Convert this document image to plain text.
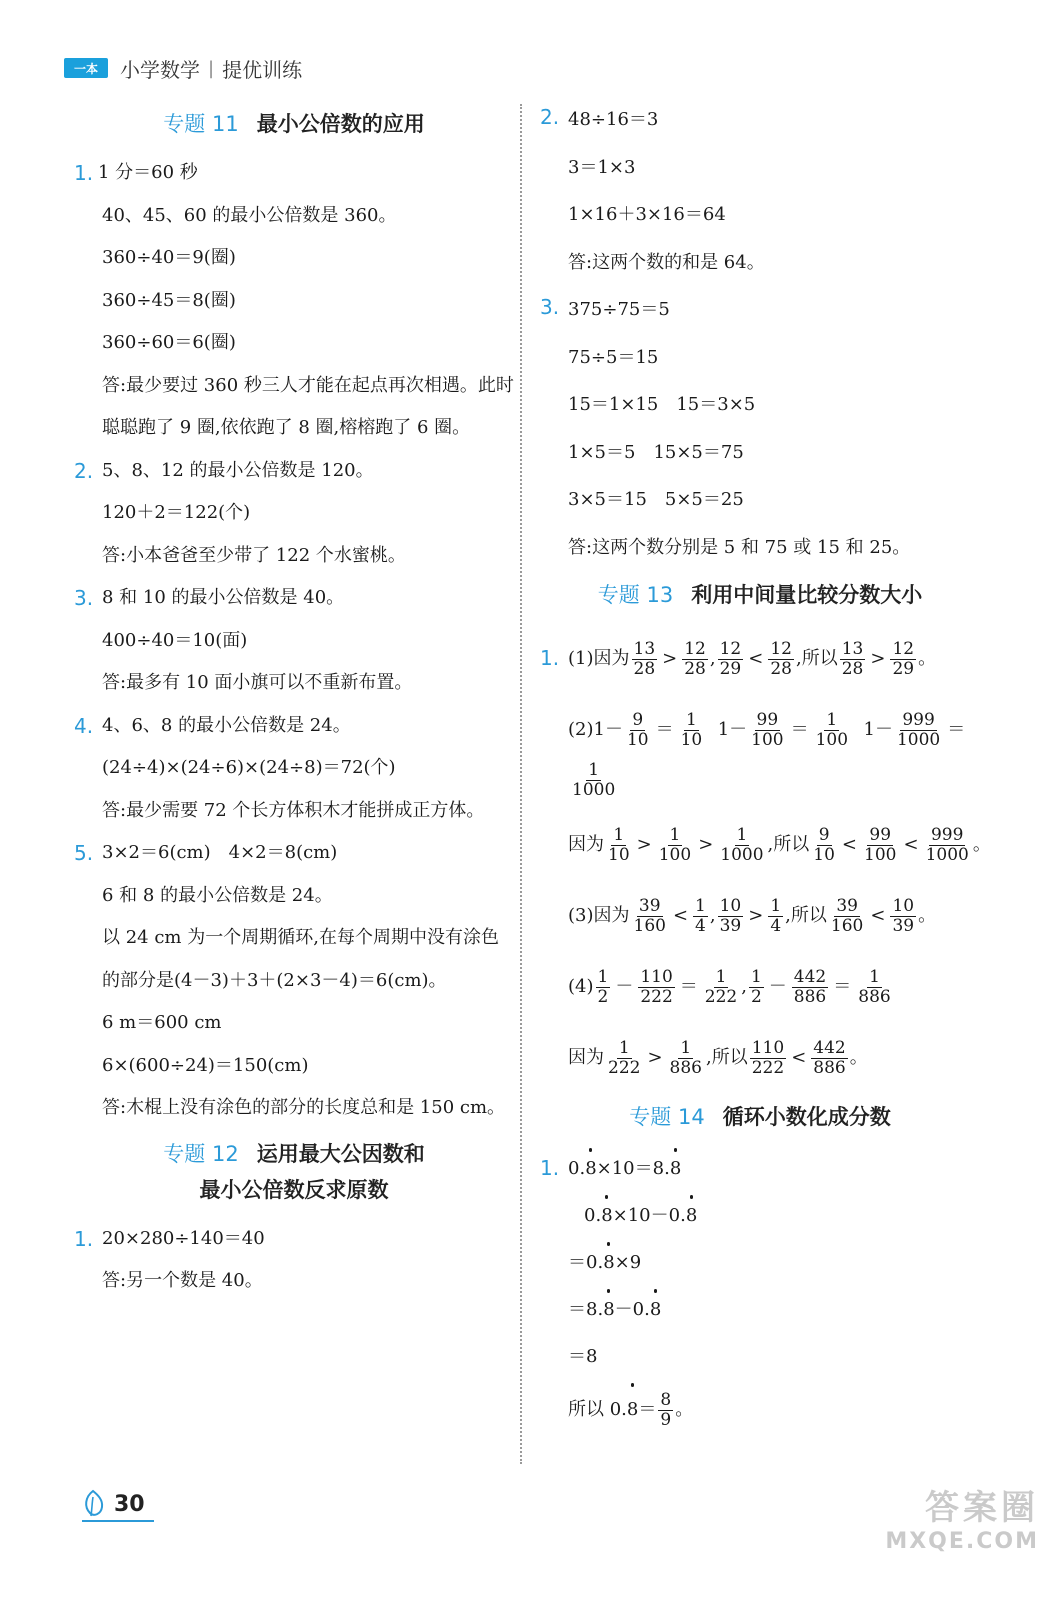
一本	小学数学 | 提优训练
专题 11 最小公倍数的应用
1. 1 分＝60 秒
40、45、60 的最小公倍数是 360。
360÷40＝9(圈)
360÷45＝8(圈)
360÷60＝6(圈)
答:最少要过 360 秒三人才能在起点再次相遇。此时聪聪跑了 9 圈,依依跑了 8 圈,榕榕跑了 6 圈。
2. 5、8、12 的最小公倍数是 120。
120＋2＝122(个)
答:小本爸爸至少带了 122 个水蜜桃。
3. 8 和 10 的最小公倍数是 40。
400÷40＝10(面)
答:最多有 10 面小旗可以不重新布置。
4. 4、6、8 的最小公倍数是 24。
(24÷4)×(24÷6)×(24÷8)＝72(个)
答:最少需要 72 个长方体积木才能拼成正方体。
5. 3×2＝6(cm)　4×2＝8(cm)
6 和 8 的最小公倍数是 24。
以 24 cm 为一个周期循环,在每个周期中没有涂色的部分是(4－3)＋3＋(2×3－4)＝6(cm)。
6 m＝600 cm
6×(600÷24)＝150(cm)
答:木棍上没有涂色的部分的长度总和是 150 cm。
专题 12 运用最大公因数和
最小公倍数反求原数
1. 20×280÷140＝40
答:另一个数是 40。
2. 48÷16＝3
3＝1×3
1×16＋3×16＝64
答:这两个数的和是 64。
3. 375÷75＝5
75÷5＝15
15＝1×15　15＝3×5
1×5＝5　15×5＝75
3×5＝15　5×5＝25
答:这两个数分别是 5 和 75 或 15 和 25。
专题 13 利用中间量比较分数大小
1. (1)因为 $\frac{13}{28} > \frac{12}{28}$ , $\frac{12}{29} < \frac{12}{28}$ ,所以 $\frac{13}{28} > \frac{12}{29}$ 。
$(2)1- \frac{9}{10} = \frac{1}{10} 1- \frac{99}{100} = \frac{1}{100} 1- \frac{999}{1000}$ ＝
$\frac{1}{1000}$
因为 $\frac{1}{10} > \frac{1}{100} > \frac{1}{1000}$ ,所以 $\frac{9}{10} < \frac{99}{100} < \frac{999}{1000}$ 。
(3)因为 $\frac{39}{160} < \frac{1}{4}$ , $\frac{10}{39} > \frac{1}{4}$ ,所以 $\frac{39}{160} < \frac{10}{39}$ 。
$(4) \frac{1}{2} - \frac{110}{222} = \frac{1}{222}$ , $\frac{1}{2} - \frac{442}{886} = \frac{1}{886}$
因为 $\frac{1}{222} > \frac{1}{886}$ ,所以 $\frac{110}{222} < \frac{442}{886}$ 。
专题 14 循环小数化成分数
1. 0.8×10＝8.8
0.8×10－0.8
＝0.8×9
＝8.8－0.8
＝8
所以 $0.8= \frac{8}{9}$ 。
30	答案圈
MXQE.COM
